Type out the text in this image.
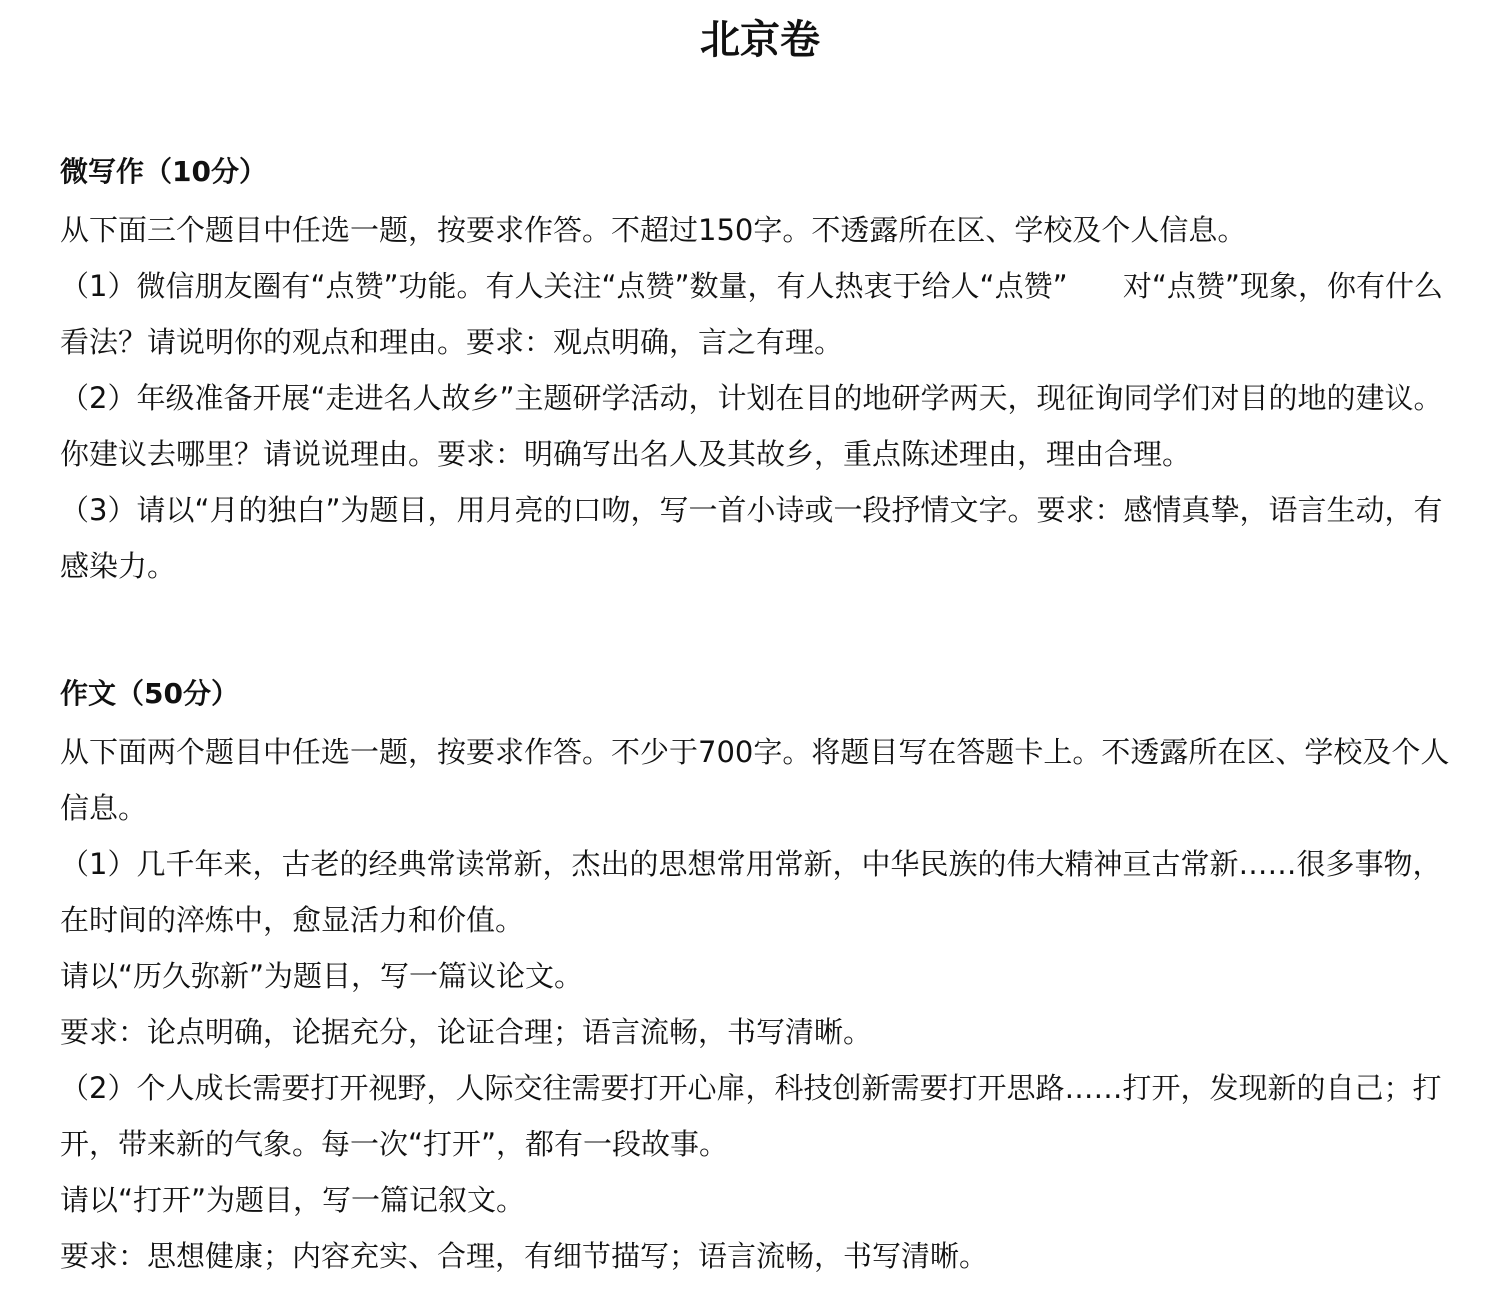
北京卷
微写作（10分）

从下面三个题目中任选一题，按要求作答。不超过150字。不透露所在区、学校及个人信息。

（1）微信朋友圈有“点赞”功能。有人关注“点赞”数量，有人热衷于给人“点赞”      对“点赞”现象，你有什么看法？请说明你的观点和理由。要求：观点明确，言之有理。

（2）年级准备开展“走进名人故乡”主题研学活动，计划在目的地研学两天，现征询同学们对目的地的建议。你建议去哪里？请说说理由。要求：明确写出名人及其故乡，重点陈述理由，理由合理。

（3）请以“月的独白”为题目，用月亮的口吻，写一首小诗或一段抒情文字。要求：感情真挚，语言生动，有感染力。

作文（50分）

从下面两个题目中任选一题，按要求作答。不少于700字。将题目写在答题卡上。不透露所在区、学校及个人信息。

（1）几千年来，古老的经典常读常新，杰出的思想常用常新，中华民族的伟大精神亘古常新……很多事物，在时间的淬炼中，愈显活力和价值。

请以“历久弥新”为题目，写一篇议论文。

要求：论点明确，论据充分，论证合理；语言流畅，书写清晰。

（2）个人成长需要打开视野，人际交往需要打开心扉，科技创新需要打开思路……打开，发现新的自己；打开，带来新的气象。每一次“打开”，都有一段故事。

请以“打开”为题目，写一篇记叙文。

要求：思想健康；内容充实、合理，有细节描写；语言流畅，书写清晰。
